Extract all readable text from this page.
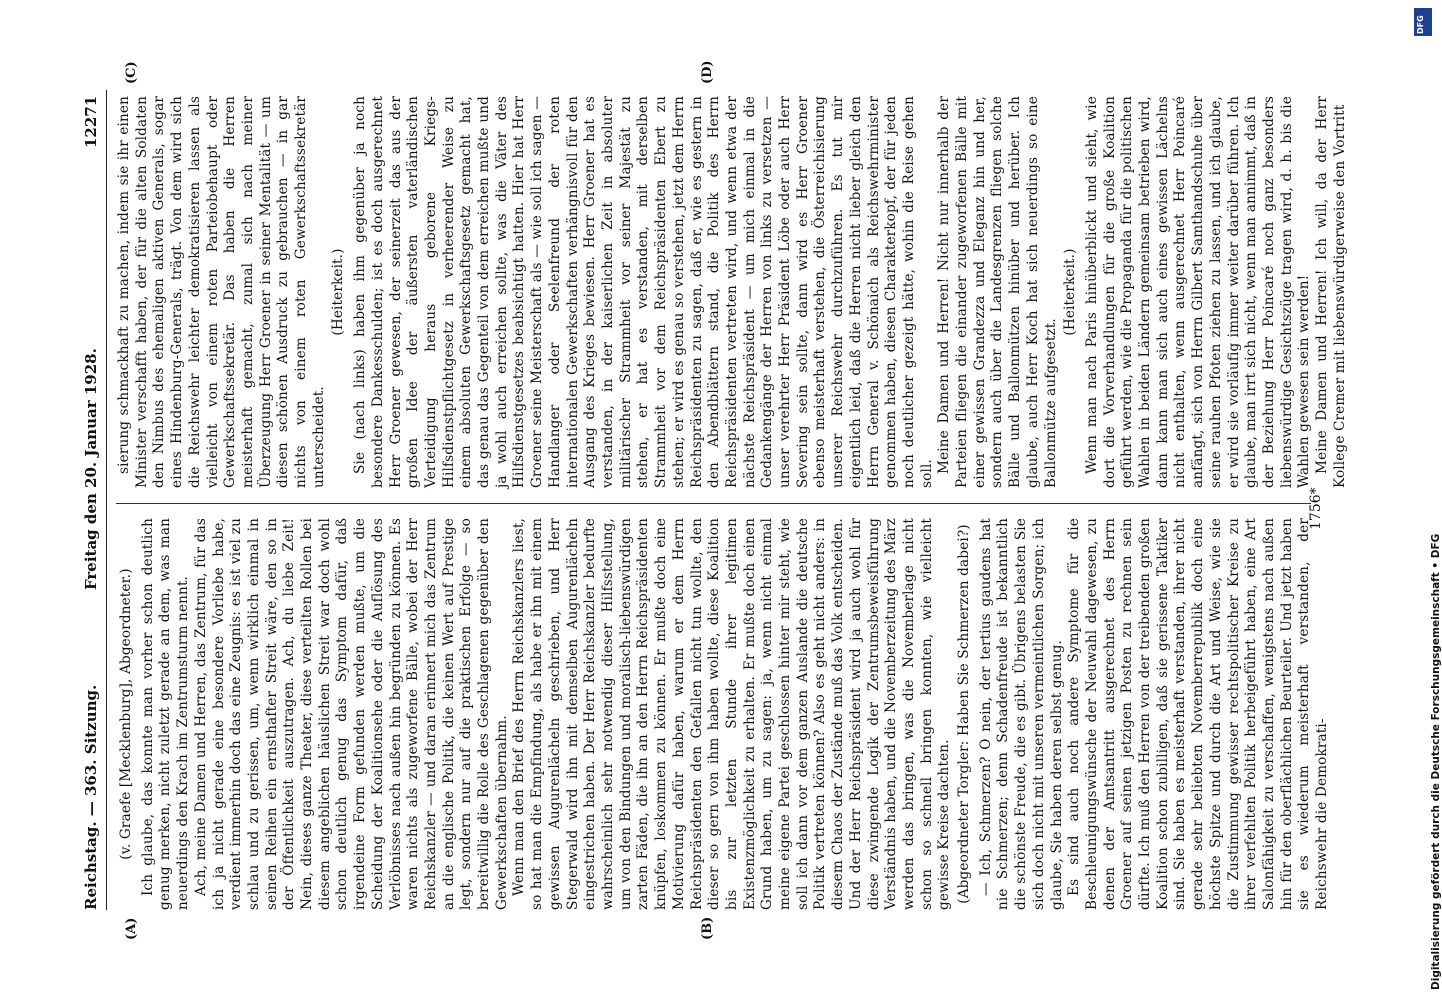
Reichstag. — 363. Sitzung.
Freitag den 20. Januar 1928.
12271

(v. Graefe [Mecklenburg], Abgeordneter.) Ich glaube, das konnte man vorher schon deutlich genug merken, nicht zuletzt gerade an dem, was man neuerdings den Krach im Zentrumsturm nennt. Ach, meine Damen und Herren, das Zentrum, für das ich ja nicht gerade eine besondere Vorliebe habe, verdient immerhin doch das eine Zeugnis: es ist viel zu schlau und zu gerissen, um, wenn wirklich einmal in seinen Reihen ein ernsthafter Streit wäre, den so in der Öffentlichkeit auszutragen. Ach, du liebe Zeit! Nein, dieses ganze Theater, diese verteilten Rollen bei diesem angeblichen häuslichen Streit war doch wohl schon deutlich genug das Symptom dafür, daß irgendeine Form gefunden werden mußte, um die Scheidung der Koalitionsehe oder die Auflösung des Verlöbnisses nach außen hin begründen zu können. Es waren nichts als zugeworfene Bälle, wobei der Herr Reichskanzler — und daran erinnert mich das Zentrum an die englische Politik, die keinen Wert auf Prestige legt, sondern nur auf die praktischen Erfolge — so bereitwillig die Rolle des Geschlagenen gegenüber den Gewerkschaften übernahm. Wenn man den Brief des Herrn Reichskanzlers liest, so hat man die Empfindung, als habe er ihn mit einem gewissen Augurenlächeln geschrieben, und Herr Stegerwald wird ihn mit demselben Augurenlächeln eingestrichen haben. Der Herr Reichskanzler bedurfte wahrscheinlich sehr notwendig dieser Hilfsstellung, um von den Bindungen und moralisch-liebenswürdigen zarten Fäden, die ihn an den Herrn Reichspräsidenten knüpfen, loskommen zu können. Er mußte doch eine Motivierung dafür haben, warum er dem Herrn Reichspräsidenten den Gefallen nicht tun wollte, den dieser so gern von ihm haben wollte, diese Koalition bis zur letzten Stunde ihrer legitimen Existenzmöglichkeit zu erhalten. Er mußte doch einen Grund haben, um zu sagen: ja, wenn nicht einmal meine eigene Partei geschlossen hinter mir steht, wie soll ich dann vor dem ganzen Auslande die deutsche Politik vertreten können? Also es geht nicht anders: in diesem Chaos der Zustände muß das Volk entscheiden. Und der Herr Reichspräsident wird ja auch wohl für diese zwingende Logik der Zentrumsbeweisführung Verständnis haben, und die Novemberzeitung des März werden das bringen, was die Novemberlage nicht schon so schnell bringen konnten, wie vielleicht gewisse Kreise dachten. (Abgeordneter Torgler: Haben Sie Schmerzen dabei?) — Ich, Schmerzen? O nein, der tertius gaudens hat nie Schmerzen; denn Schadenfreude ist bekanntlich die schönste Freude, die es gibt. Übrigens belasten Sie sich doch nicht mit unseren vermeintlichen Sorgen; ich glaube, Sie haben deren selbst genug. Es sind auch noch andere Symptome für die Beschleunigungswünsche der Neuwahl dagewesen, zu denen der Amtsantritt ausgerechnet des Herrn Groener auf seinen jetzigen Posten zu rechnen sein dürfte. Ich muß den Herren von der treibenden großen Koalition schon zubilligen, daß sie gerissene Taktiker sind. Sie haben es meisterhaft verstanden, ihrer nicht gerade sehr beliebten Novemberrepublik doch eine höchste Spitze und durch die Art und Weise, wie sie die Zustimmung gewisser rechtspolitischer Kreise zu ihrer verfehlten Politik herbeigeführt haben, eine Art Salonfähigkeit zu verschaffen, wenigstens nach außen hin für den oberflächlichen Beurteiler. Und jetzt haben sie es wiederum meisterhaft verstanden, der Reichswehr die Demokrati-

sierung schmackhaft zu machen, indem sie ihr einen Minister verschafft haben, der für die alten Soldaten den Nimbus des ehemaligen aktiven Generals, sogar eines Hindenburg-Generals, trägt. Von dem wird sich die Reichswehr leichter demokratisieren lassen als vielleicht von einem roten Parteiobehaupt oder Gewerkschaftssekretär. Das haben die Herren meisterhaft gemacht, zumal sich nach meiner Überzeugung Herr Groener in seiner Mentalität — um diesen schönen Ausdruck zu gebrauchen — in gar nichts von einem roten Gewerkschaftssekretär unterscheidet.

(Heiterkeit.) Sie (nach links) haben ihm gegenüber ja noch besondere Dankesschulden; ist es doch ausgerechnet Herr Groener gewesen, der seinerzeit das aus der großen Idee der äußersten vaterländischen Verteidigung heraus geborene Kriegs-Hilfsdienstpflichtgesetz in verheerender Weise zu einem absoluten Gewerkschaftsgesetz gemacht hat, das genau das Gegenteil von dem erreichen mußte und ja wohl auch erreichen sollte, was die Väter des Hilfsdienstgesetzes beabsichtigt hatten. Hier hat Herr Groener seine Meisterschaft als — wie soll ich sagen — Handlanger oder Seelenfreund der roten internationalen Gewerkschaften verhängnisvoll für den Ausgang des Krieges bewiesen. Herr Groener hat es verstanden, in der kaiserlichen Zeit in absoluter militärischer Strammheit vor seiner Majestät zu stehen, er hat es verstanden, mit derselben Strammheit vor dem Reichspräsidenten Ebert zu stehen; er wird es genau so verstehen, jetzt dem Herrn Reichspräsidenten zu sagen, daß er, wie es gestern in den Abendblättern stand, die Politik des Herrn Reichspräsidenten vertreten wird, und wenn etwa der nächste Reichspräsident — um mich einmal in die Gedankengänge der Herren von links zu versetzen — unser verehrter Herr Präsident Löbe oder auch Herr Severing sein sollte, dann wird es Herr Groener ebenso meisterhaft verstehen, die Österreichisierung unserer Reichswehr durchzuführen. Es tut mir eigentlich leid, daß die Herren nicht lieber gleich den Herrn General v. Schönaich als Reichswehrminister genommen haben, diesen Charakterkopf, der für jeden noch deutlicher gezeigt hätte, wohin die Reise gehen soll. Meine Damen und Herren! Nicht nur innerhalb der Parteien fliegen die einander zugeworfenen Bälle mit einer gewissen Grandezza und Eleganz hin und her, sondern auch über die Landesgrenzen fliegen solche Bälle und Ballonmützen hinüber und herüber. Ich glaube, auch Herr Koch hat sich neuerdings so eine Ballonmütze aufgesetzt.

(Heiterkeit.) Wenn man nach Paris hinüberblickt und sieht, wie dort die Vorverhandlungen für die große Koalition geführt werden, wie die Propaganda für die politischen Wahlen in beiden Ländern gemeinsam betrieben wird, dann kann man sich auch eines gewissen Lächelns nicht enthalten, wenn ausgerechnet Herr Poincaré anfängt, sich von Herrn Gilbert Samthandschuhe über seine rauhen Pfoten ziehen zu lassen, und ich glaube, er wird sie vorläufig immer weiter darüber führen. Ich glaube, man irrt sich nicht, wenn man annimmt, daß in der Beziehung Herr Poincaré noch ganz besonders liebenswürdige Gesichtszüge tragen wird, d. h. bis die Wahlen gewesen sein werden! Meine Damen und Herren! Ich will, da der Herr Kollege Cremer mit liebenswürdigerweise den Vortritt

(A)	(B)
(C)	(D)
1756*
DFG
Digitalisierung gefördert durch die Deutsche Forschungsgemeinschaft • DFG
